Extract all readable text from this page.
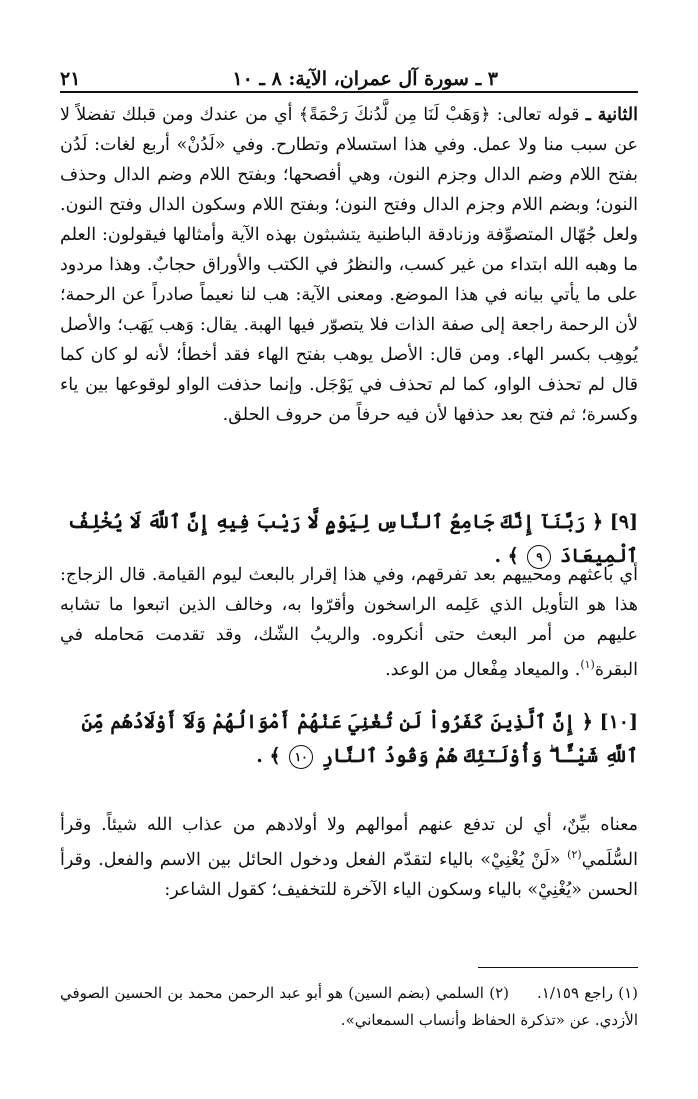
٣ ـ سورة آل عمران، الآية: ٨ ـ ١٠
٢١

الثانية ـ قوله تعالى: ﴿وَهَبْ لَنَا مِن لَّدُنكَ رَحْمَةً﴾ أي من عندك ومن قبلك تفضلاً لا عن سبب منا ولا عمل. وفي هذا استسلام وتطارح. وفي «لَدُنْ» أربع لغات: لَدُن بفتح اللام وضم الدال وجزم النون، وهي أفصحها؛ وبفتح اللام وضم الدال وحذف النون؛ وبضم اللام وجزم الدال وفتح النون؛ وبفتح اللام وسكون الدال وفتح النون. ولعل جُهّال المتصوِّفة وزنادقة الباطنية يتشبثون بهذه الآية وأمثالها فيقولون: العلم ما وهبه الله ابتداء من غير كسب، والنظرُ في الكتب والأوراق حجابٌ. وهذا مردود على ما يأتي بيانه في هذا الموضع. ومعنى الآية: هب لنا نعيماً صادراً عن الرحمة؛ لأن الرحمة راجعة إلى صفة الذات فلا يتصوّر فيها الهبة. يقال: وَهب يَهَب؛ والأصل يُوهِب بكسر الهاء. ومن قال: الأصل يوهب بفتح الهاء فقد أخطأ؛ لأنه لو كان كما قال لم تحذف الواو، كما لم تحذف في يَوْجَل. وإنما حذفت الواو لوقوعها بين ياء وكسرة؛ ثم فتح بعد حذفها لأن فيه حرفاً من حروف الحلق.

[٩] ﴿ رَبَّنَآ إِنَّكَ جَامِعُ ٱلنَّاسِ لِيَوْمٍ لَّا رَيْبَ فِيهِ إِنَّ ٱللَّهَ لَا يُخْلِفُ ٱلْمِيعَادَ ٩ ﴾ .

أي باعثهم ومحييهم بعد تفرقهم، وفي هذا إقرار بالبعث ليوم القيامة. قال الزجاج: هذا هو التأويل الذي عَلِمه الراسخون وأقرّوا به، وخالف الذين اتبعوا ما تشابه عليهم من أمر البعث حتى أنكروه. والريبُ الشّك، وقد تقدمت مَحامله في البقرة$^{(١)}$. والميعاد مِفْعال من الوعد.

[١٠] ﴿ إِنَّ ٱلَّذِينَ كَفَرُواْ لَن تُغْنِيَ عَنْهُمْ أَمْوَالُهُمْ وَلَآ أَوْلَادُهُم مِّنَ ٱللَّهِ شَيْـًٔا ۖ وَأُوْلَـٰٓئِكَ هُمْ وَقُودُ ٱلنَّارِ ١٠ ﴾ .

معناه بيِّنٌ، أي لن تدفع عنهم أموالهم ولا أولادهم من عذاب الله شيئاً. وقرأ السُّلَمي$^{(٢)}$ «لَنْ يُغْنِيْ» بالياء لتقدّم الفعل ودخول الحائل بين الاسم والفعل. وقرأ الحسن «يُغْنِيْ» بالياء وسكون الياء الآخرة للتخفيف؛ كقول الشاعر:

(١) راجع ١/١٥٩.(٢) السلمي (بضم السين) هو أبو عبد الرحمن محمد بن الحسين الصوفي الأزدي. عن «تذكرة الحفاظ وأنساب السمعاني».
